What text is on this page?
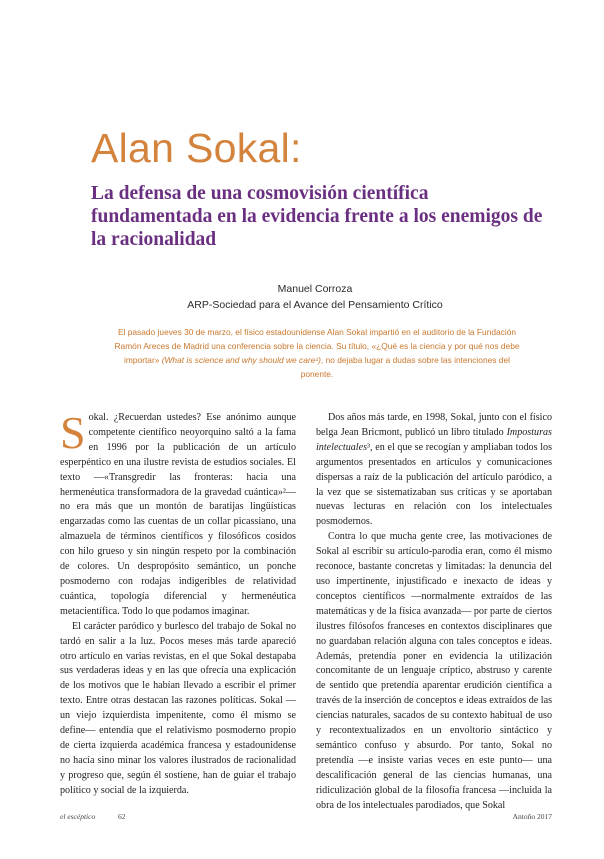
Alan Sokal:
La defensa de una cosmovisión científica fundamentada en la evidencia frente a los enemigos de la racionalidad
Manuel Corroza
ARP-Sociedad para el Avance del Pensamiento Crítico

El pasado jueves 30 de marzo, el físico estadounidense Alan Sokal impartió en el auditorio de la Fundación Ramón Areces de Madrid una conferencia sobre la ciencia. Su título, «¿Qué es la ciencia y por qué nos debe importar» (What is science and why should we care¹), no dejaba lugar a dudas sobre las intenciones del ponente.

Sokal. ¿Recuerdan ustedes? Ese anónimo aunque competente científico neoyorquino saltó a la fama en 1996 por la publicación de un artículo esperpéntico en una ilustre revista de estudios sociales. El texto —«Transgredir las fronteras: hacia una hermenéutica transformadora de la gravedad cuántica»²— no era más que un montón de baratijas lingüísticas engarzadas como las cuentas de un collar picassiano, una almazuela de términos científicos y filosóficos cosidos con hilo grueso y sin ningún respeto por la combinación de colores. Un despropósito semántico, un ponche posmoderno con rodajas indigeribles de relatividad cuántica, topología diferencial y hermenéutica metacientífica. Todo lo que podamos imaginar.

El carácter paródico y burlesco del trabajo de Sokal no tardó en salir a la luz. Pocos meses más tarde apareció otro artículo en varias revistas, en el que Sokal destapaba sus verdaderas ideas y en las que ofrecía una explicación de los motivos que le habían llevado a escribir el primer texto. Entre otras destacan las razones políticas. Sokal —un viejo izquierdista impenitente, como él mismo se define— entendía que el relativismo posmoderno propio de cierta izquierda académica francesa y estadounidense no hacía sino minar los valores ilustrados de racionalidad y progreso que, según él sostiene, han de guiar el trabajo político y social de la izquierda.

Dos años más tarde, en 1998, Sokal, junto con el físico belga Jean Bricmont, publicó un libro titulado Imposturas intelectuales³, en el que se recogían y ampliaban todos los argumentos presentados en artículos y comunicaciones dispersas a raíz de la publicación del artículo paródico, a la vez que se sistematizaban sus críticas y se aportaban nuevas lecturas en relación con los intelectuales posmodernos.

Contra lo que mucha gente cree, las motivaciones de Sokal al escribir su artículo-parodia eran, como él mismo reconoce, bastante concretas y limitadas: la denuncia del uso impertinente, injustificado e inexacto de ideas y conceptos científicos —normalmente extraídos de las matemáticas y de la física avanzada— por parte de ciertos ilustres filósofos franceses en contextos disciplinares que no guardaban relación alguna con tales conceptos e ideas. Además, pretendía poner en evidencia la utilización concomitante de un lenguaje críptico, abstruso y carente de sentido que pretendía aparentar erudición científica a través de la inserción de conceptos e ideas extraídos de las ciencias naturales, sacados de su contexto habitual de uso y recontextualizados en un envoltorio sintáctico y semántico confuso y absurdo. Por tanto, Sokal no pretendía —e insiste varias veces en este punto— una descalificación general de las ciencias humanas, una ridiculización global de la filosofía francesa —incluida la obra de los intelectuales parodiados, que Sokal

el escéptico	62	Antoño 2017
